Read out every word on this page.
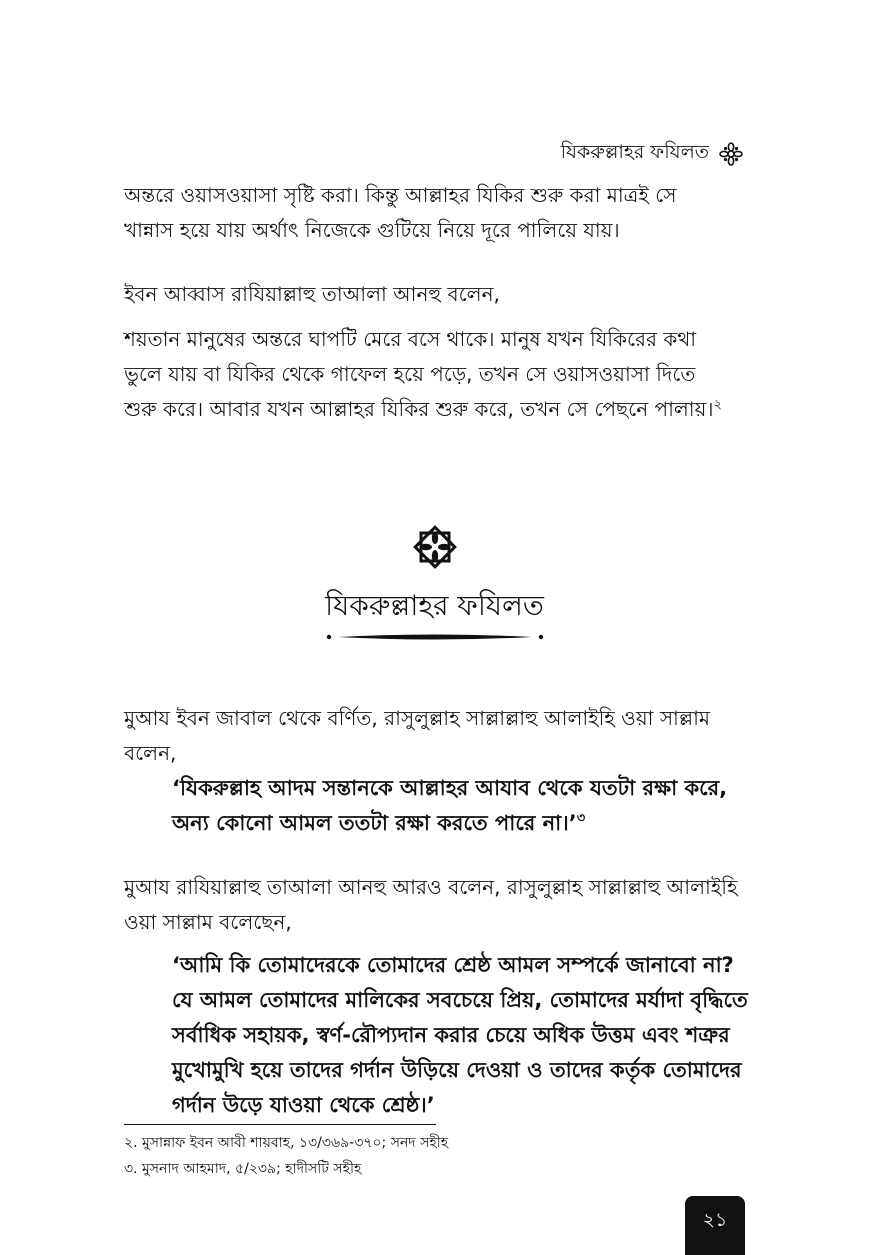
যিকরুল্লাহর ফযিলত

অন্তরে ওয়াসওয়াসা সৃষ্টি করা। কিন্তু আল্লাহর যিকির শুরু করা মাত্রই সে
খান্নাস হয়ে যায় অর্থাৎ নিজেকে গুটিয়ে নিয়ে দূরে পালিয়ে যায়।

ইবন আব্বাস রাযিয়াল্লাহু তাআলা আনহু বলেন,

শয়তান মানুষের অন্তরে ঘাপটি মেরে বসে থাকে। মানুষ যখন যিকিরের কথা
ভুলে যায় বা যিকির থেকে গাফেল হয়ে পড়ে, তখন সে ওয়াসওয়াসা দিতে
শুরু করে। আবার যখন আল্লাহর যিকির শুরু করে, তখন সে পেছনে পালায়।$^২$

যিকরুল্লাহর ফযিলত

মুআয ইবন জাবাল থেকে বর্ণিত, রাসুলুল্লাহ সাল্লাল্লাহু আলাইহি ওয়া সাল্লাম
বলেন,

‘যিকরুল্লাহ আদম সন্তানকে আল্লাহর আযাব থেকে যতটা রক্ষা করে,
অন্য কোনো আমল ততটা রক্ষা করতে পারে না।’$^৩$

মুআয রাযিয়াল্লাহু তাআলা আনহু আরও বলেন, রাসুলুল্লাহ সাল্লাল্লাহু আলাইহি
ওয়া সাল্লাম বলেছেন,

‘আমি কি তোমাদেরকে তোমাদের শ্রেষ্ঠ আমল সম্পর্কে জানাবো না?
যে আমল তোমাদের মালিকের সবচেয়ে প্রিয়, তোমাদের মর্যাদা বৃদ্ধিতে
সর্বাধিক সহায়ক, স্বর্ণ-রৌপ্যদান করার চেয়ে অধিক উত্তম এবং শত্রুর
মুখোমুখি হয়ে তাদের গর্দান উড়িয়ে দেওয়া ও তাদের কর্তৃক তোমাদের
গর্দান উড়ে যাওয়া থেকে শ্রেষ্ঠ।’

২. মুসান্নাফ ইবন আবী শায়বাহ, ১৩/৩৬৯-৩৭০; সনদ সহীহ
৩. মুসনাদ আহমাদ, ৫/২৩৯; হাদীসটি সহীহ
২১
